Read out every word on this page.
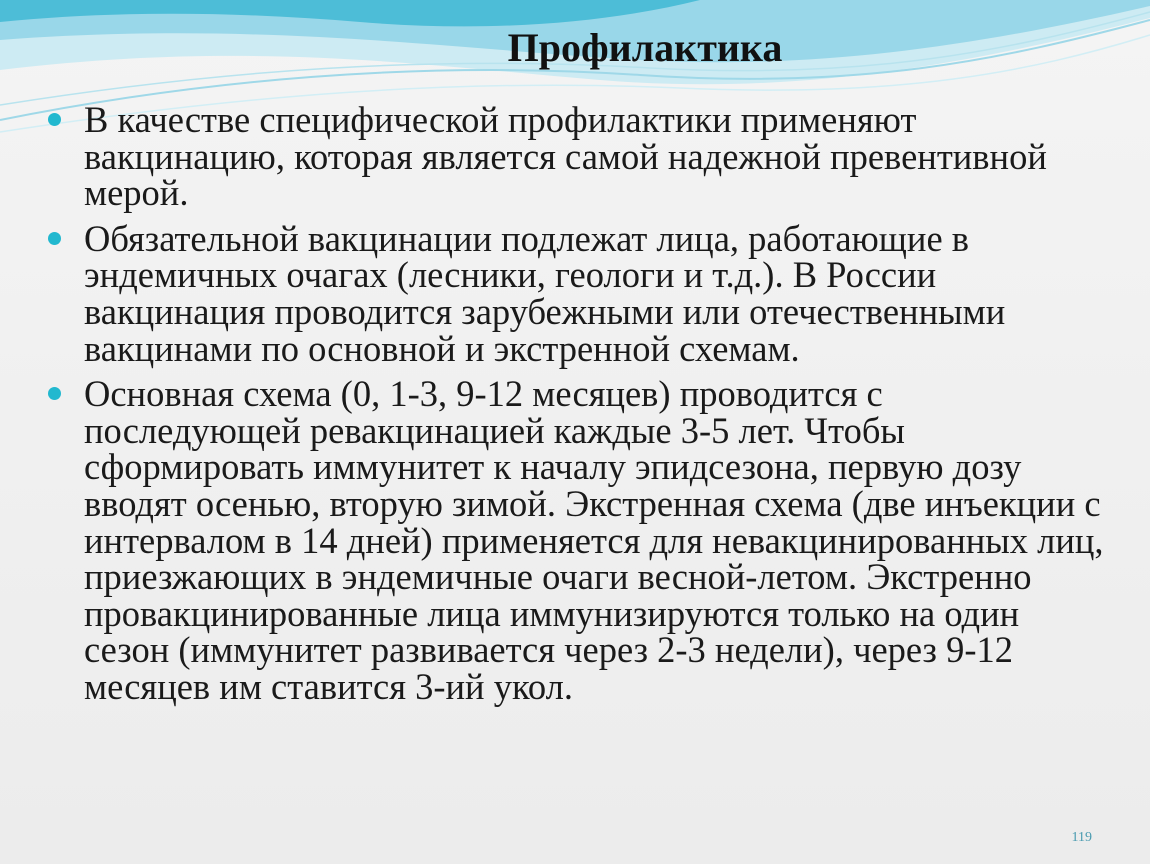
Профилактика
В качестве специфической профилактики применяют вакцинацию, которая является самой надежной превентивной мерой.
Обязательной вакцинации подлежат лица, работающие в эндемичных очагах (лесники, геологи и т.д.). В России вакцинация проводится зарубежными или отечественными вакцинами по основной и экстренной схемам.
Основная схема (0, 1-3, 9-12 месяцев) проводится с последующей ревакцинацией каждые 3-5 лет. Чтобы сформировать иммунитет к началу эпидсезона, первую дозу вводят осенью, вторую зимой. Экстренная схема (две инъекции с интервалом в 14 дней) применяется для невакцинированных лиц, приезжающих в эндемичные очаги весной-летом. Экстренно провакцинированные лица иммунизируются только на один сезон (иммунитет развивается через 2-3 недели), через 9-12 месяцев им ставится 3-ий укол.
119
